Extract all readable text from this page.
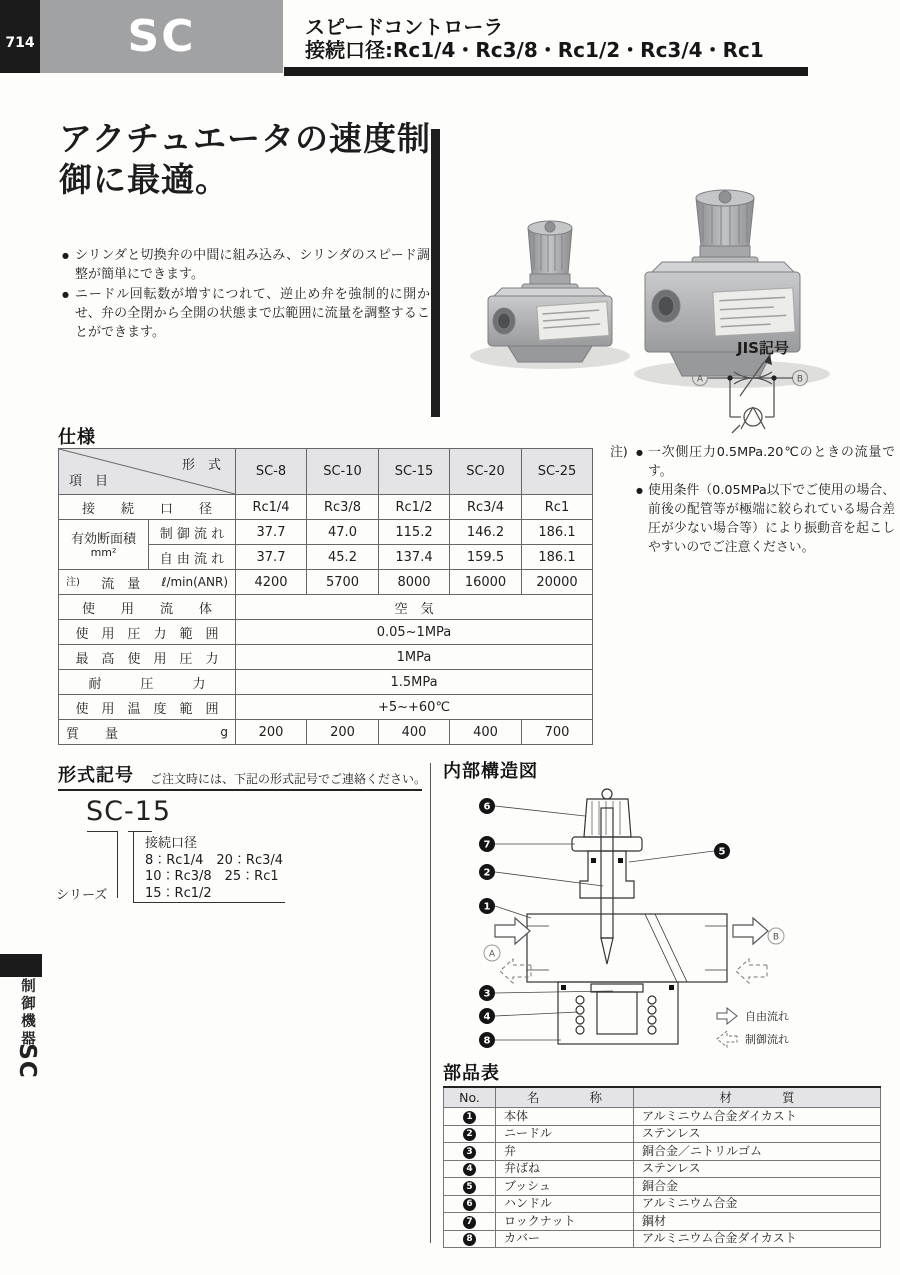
714 SC	スピードコントローラ
接続口径:Rc1/4・Rc3/8・Rc1/2・Rc3/4・Rc1
アクチュエータの速度制
御に最適。
● シリンダと切換弁の中間に組み込み、シリンダのスピード調整が簡単にできます。
● ニードル回転数が増すにつれて、逆止め弁を強制的に開かせ、弁の全閉から全開の状態まで広範囲に流量を調整することができます。
JIS記号
A	B
仕様
形　式
項　目		SC-8	SC-10	SC-15	SC-20	SC-25
接　　続　　口　　径		Rc1/4	Rc3/8	Rc1/2	Rc3/4	Rc1

有効断面積
mm²	制 御 流 れ	37.7	47.0	115.2	146.2	186.1
	自 由 流 れ	37.7	45.2	137.4	159.5	186.1

注) 流　量 ℓ/min(ANR)		4200	5700	8000	16000	20000
使　　用　　流　　体		空　気				
使　用　圧　力　範　囲		0.05~1MPa				
最　高　使　用　圧　力		1MPa				
耐　　　圧　　　力		1.5MPa				
使　用　温　度　範　囲		+5~+60℃				

質　　量 g		200	200	400	400	700
注)	● 一次側圧力0.5MPa.20℃のときの流量です。
● 使用条件（0.05MPa以下でご使用の場合、前後の配管等が極端に絞られている場合差圧が少ない場合等）により振動音を起こしやすいのでご注意ください。
形式記号 ご注文時には、下記の形式記号でご連絡ください。
SC-15
シリーズ
接続口径
8：Rc1/4　20：Rc3/4
10：Rc3/8　25：Rc1
15：Rc1/2
内部構造図
A
B
自由流れ
制御流れ
6
7
2
1
3
4
8
5
部品表
No.	名　　　　称	材　　　　質
1	本体	アルミニウム合金ダイカスト
2	ニードル	ステンレス
3	弁	銅合金／ニトリルゴム
4	弁ばね	ステンレス
5	ブッシュ	銅合金
6	ハンドル	アルミニウム合金
7	ロックナット	鋼材
8	カバー	アルミニウム合金ダイカスト
制御機器
SC
